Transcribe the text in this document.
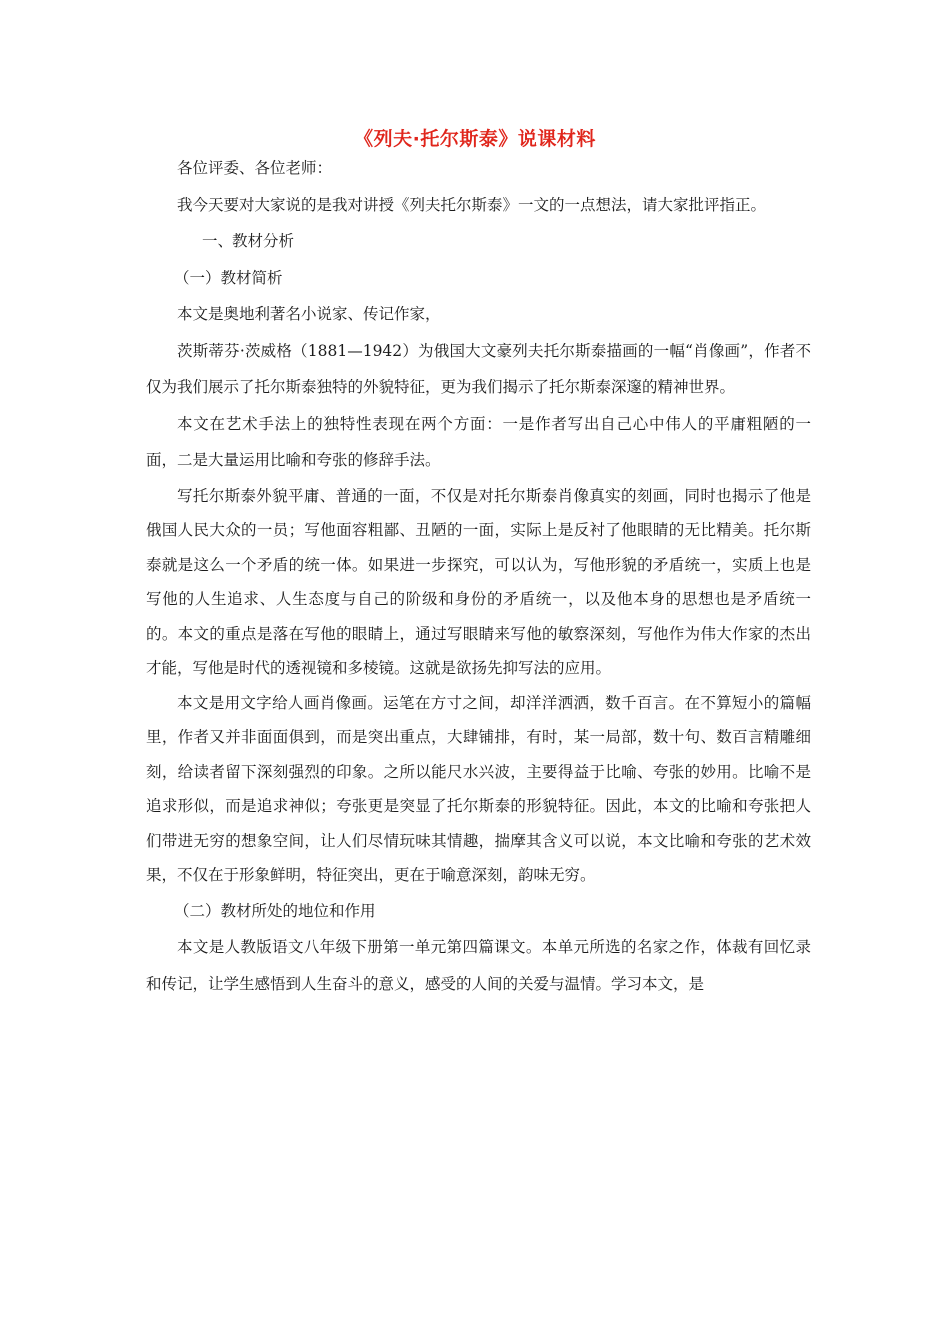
《列夫·托尔斯泰》说课材料

各位评委、各位老师：

我今天要对大家说的是我对讲授《列夫托尔斯泰》一文的一点想法，请大家批评指正。

一、教材分析

（一）教材简析

本文是奥地利著名小说家、传记作家，

茨斯蒂芬·茨威格（1881—1942）为俄国大文豪列夫托尔斯泰描画的一幅“肖像画”，作者不仅为我们展示了托尔斯泰独特的外貌特征，更为我们揭示了托尔斯泰深邃的精神世界。

本文在艺术手法上的独特性表现在两个方面：一是作者写出自己心中伟人的平庸粗陋的一面，二是大量运用比喻和夸张的修辞手法。

写托尔斯泰外貌平庸、普通的一面，不仅是对托尔斯泰肖像真实的刻画，同时也揭示了他是俄国人民大众的一员；写他面容粗鄙、丑陋的一面，实际上是反衬了他眼睛的无比精美。托尔斯泰就是这么一个矛盾的统一体。如果进一步探究，可以认为，写他形貌的矛盾统一，实质上也是写他的人生追求、人生态度与自己的阶级和身份的矛盾统一，以及他本身的思想也是矛盾统一的。本文的重点是落在写他的眼睛上，通过写眼睛来写他的敏察深刻，写他作为伟大作家的杰出才能，写他是时代的透视镜和多棱镜。这就是欲扬先抑写法的应用。

本文是用文字给人画肖像画。运笔在方寸之间，却洋洋洒洒，数千百言。在不算短小的篇幅里，作者又并非面面俱到，而是突出重点，大肆铺排，有时，某一局部，数十句、数百言精雕细刻，给读者留下深刻强烈的印象。之所以能尺水兴波，主要得益于比喻、夸张的妙用。比喻不是追求形似，而是追求神似；夸张更是突显了托尔斯泰的形貌特征。因此，本文的比喻和夸张把人们带进无穷的想象空间，让人们尽情玩味其情趣，揣摩其含义可以说，本文比喻和夸张的艺术效果，不仅在于形象鲜明，特征突出，更在于喻意深刻，韵味无穷。

（二）教材所处的地位和作用

本文是人教版语文八年级下册第一单元第四篇课文。本单元所选的名家之作，体裁有回忆录和传记，让学生感悟到人生奋斗的意义，感受的人间的关爱与温情。学习本文，是
